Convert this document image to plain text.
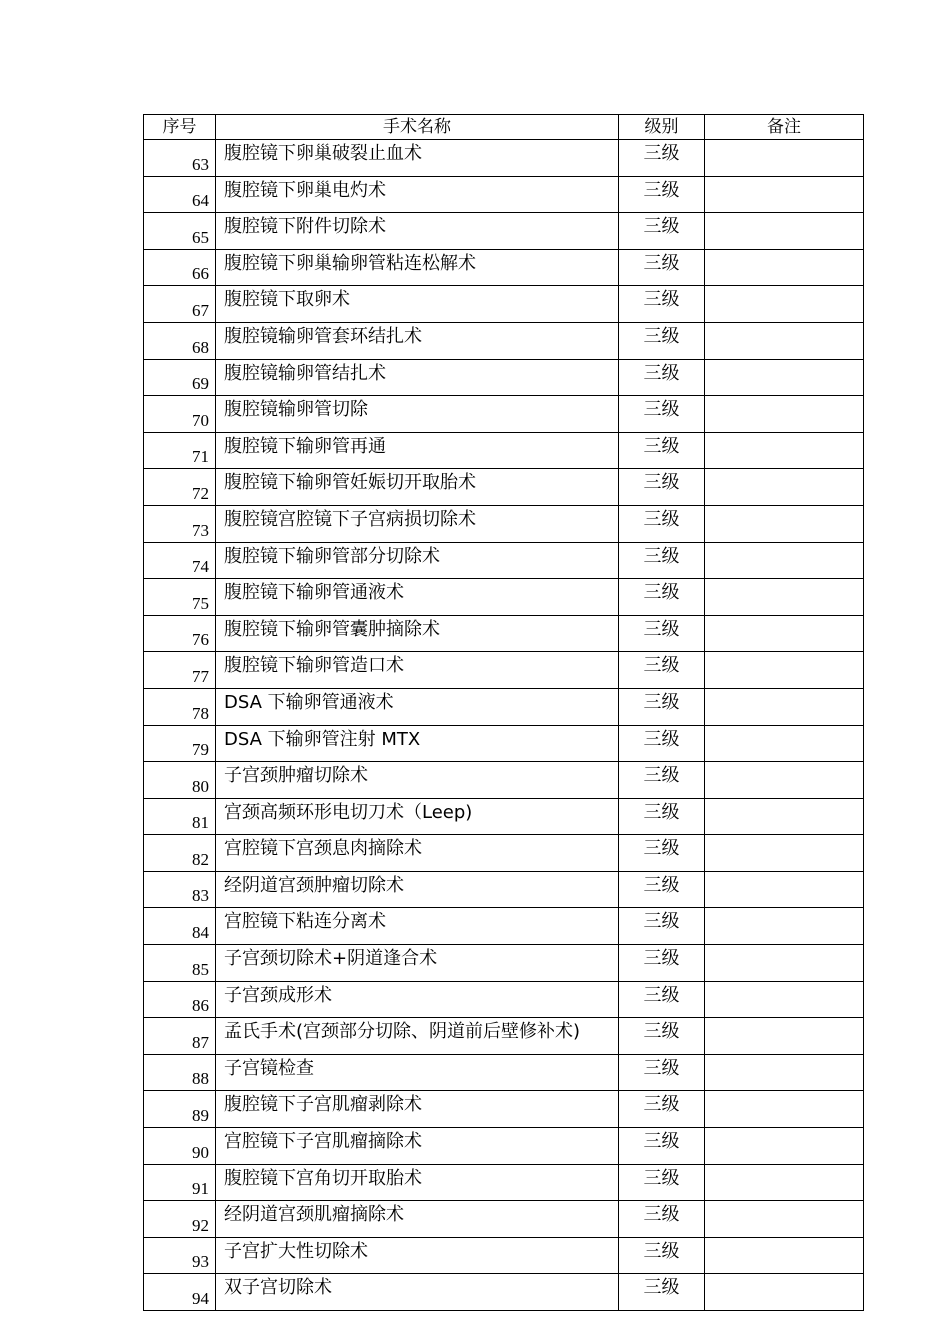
序号	手术名称	级别	备注
63	腹腔镜下卵巢破裂止血术	三级	
64	腹腔镜下卵巢电灼术	三级	
65	腹腔镜下附件切除术	三级	
66	腹腔镜下卵巢输卵管粘连松解术	三级	
67	腹腔镜下取卵术	三级	
68	腹腔镜输卵管套环结扎术	三级	
69	腹腔镜输卵管结扎术	三级	
70	腹腔镜输卵管切除	三级	
71	腹腔镜下输卵管再通	三级	
72	腹腔镜下输卵管妊娠切开取胎术	三级	
73	腹腔镜宫腔镜下子宫病损切除术	三级	
74	腹腔镜下输卵管部分切除术	三级	
75	腹腔镜下输卵管通液术	三级	
76	腹腔镜下输卵管囊肿摘除术	三级	
77	腹腔镜下输卵管造口术	三级	
78	DSA 下输卵管通液术	三级	
79	DSA 下输卵管注射 MTX	三级	
80	子宫颈肿瘤切除术	三级	
81	宫颈高频环形电切刀术（Leep)	三级	
82	宫腔镜下宫颈息肉摘除术	三级	
83	经阴道宫颈肿瘤切除术	三级	
84	宫腔镜下粘连分离术	三级	
85	子宫颈切除术+阴道逢合术	三级	
86	子宫颈成形术	三级	
87	孟氏手术(宫颈部分切除、阴道前后壁修补术)	三级	
88	子宫镜检查	三级	
89	腹腔镜下子宫肌瘤剥除术	三级	
90	宫腔镜下子宫肌瘤摘除术	三级	
91	腹腔镜下宫角切开取胎术	三级	
92	经阴道宫颈肌瘤摘除术	三级	
93	子宫扩大性切除术	三级	
94	双子宫切除术	三级	
